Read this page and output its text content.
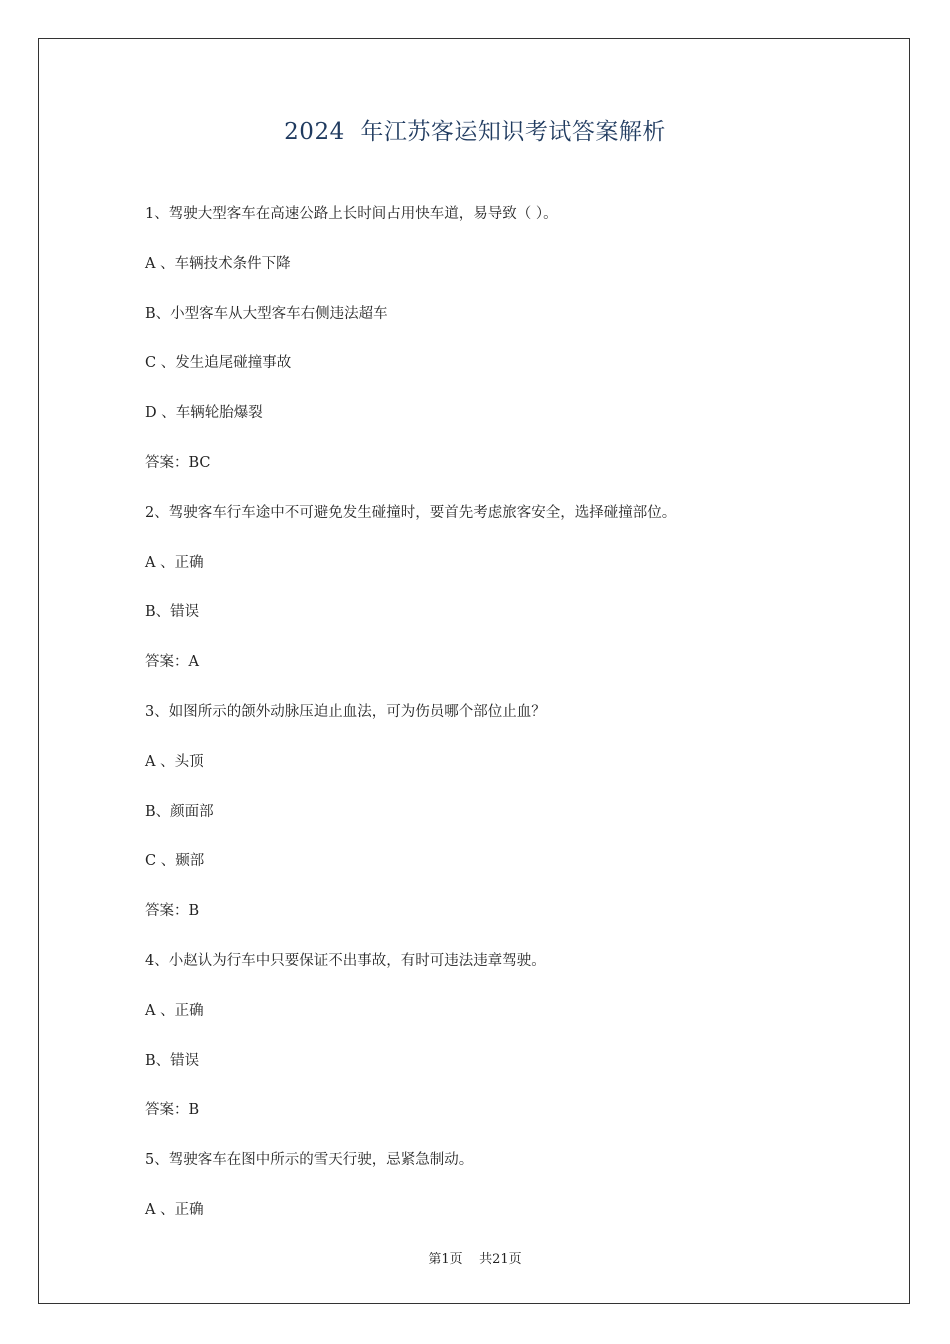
2024  年江苏客运知识考试答案解析
1、驾驶大型客车在高速公路上长时间占用快车道，易导致（ ）。
A 、车辆技术条件下降
B、小型客车从大型客车右侧违法超车
C 、发生追尾碰撞事故
D 、车辆轮胎爆裂
答案：BC
2、驾驶客车行车途中不可避免发生碰撞时，要首先考虑旅客安全，选择碰撞部位。
A 、正确
B、错误
答案：A
3、如图所示的颌外动脉压迫止血法，可为伤员哪个部位止血？
A 、头顶
B、颜面部
C 、颞部
答案：B
4、小赵认为行车中只要保证不出事故，有时可违法违章驾驶。
A 、正确
B、错误
答案：B
5、驾驶客车在图中所示的雪天行驶，忌紧急制动。
A 、正确
第1页    共21页
